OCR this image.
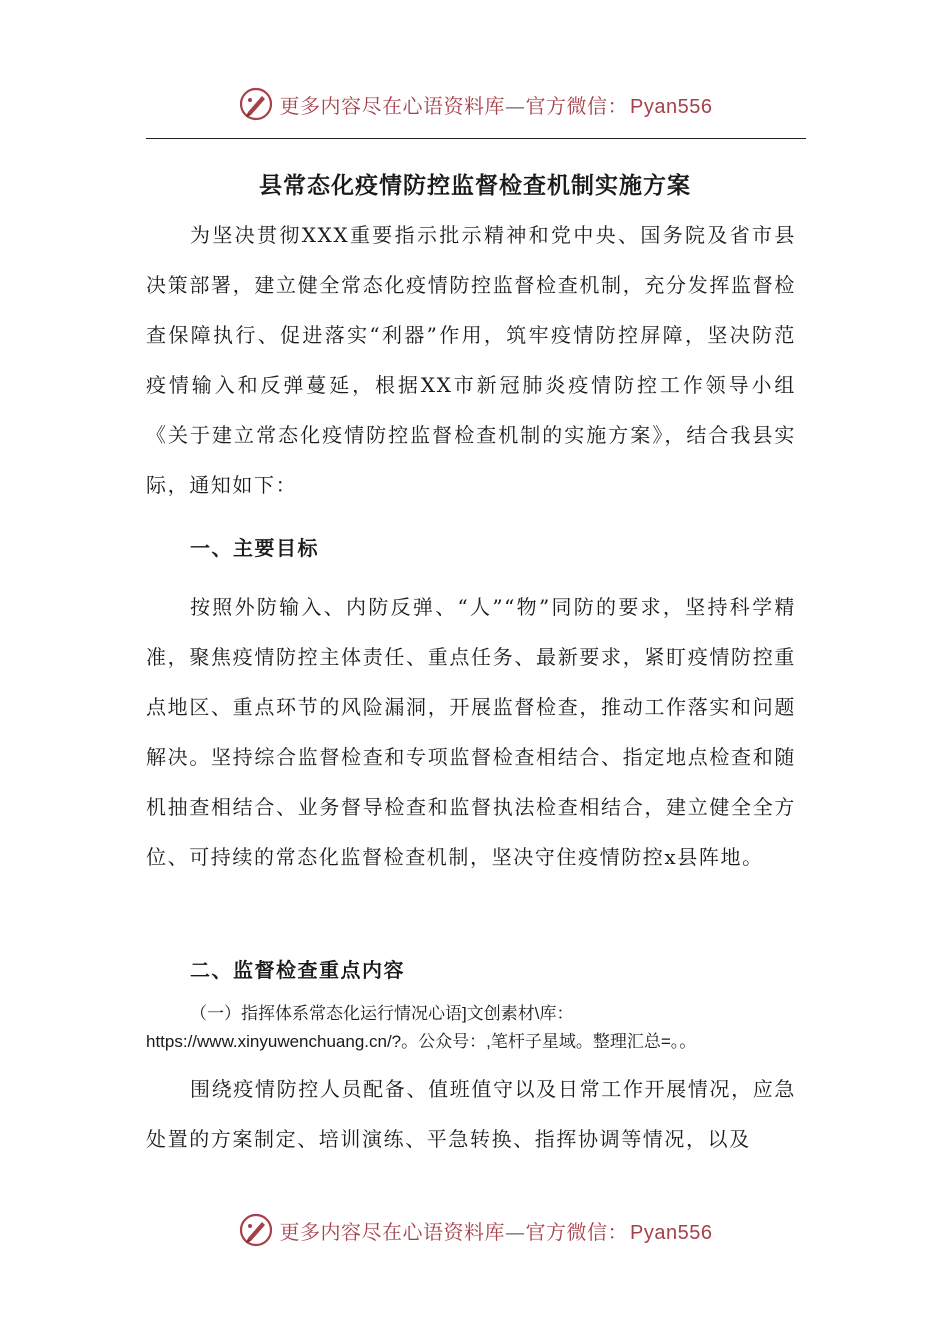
更多内容尽在心语资料库—官方微信： Pyan556
县常态化疫情防控监督检查机制实施方案

为坚决贯彻XXX重要指示批示精神和党中央、国务院及省市县决策部署，建立健全常态化疫情防控监督检查机制，充分发挥监督检查保障执行、促进落实“利器”作用，筑牢疫情防控屏障，坚决防范疫情输入和反弹蔓延，根据XX市新冠肺炎疫情防控工作领导小组《关于建立常态化疫情防控监督检查机制的实施方案》，结合我县实际，通知如下：

一、主要目标

按照外防输入、内防反弹、“人”“物”同防的要求，坚持科学精准，聚焦疫情防控主体责任、重点任务、最新要求，紧盯疫情防控重点地区、重点环节的风险漏洞，开展监督检查，推动工作落实和问题解决。坚持综合监督检查和专项监督检查相结合、指定地点检查和随机抽查相结合、业务督导检查和监督执法检查相结合，建立健全全方位、可持续的常态化监督检查机制，坚决守住疫情防控x县阵地。

二、监督检查重点内容

（一）指挥体系常态化运行情况心语]文创素材\库：https://www.xinyuwenchuang.cn/?。公众号：,笔杆子星域。整理汇总=。。

围绕疫情防控人员配备、值班值守以及日常工作开展情况，应急处置的方案制定、培训演练、平急转换、指挥协调等情况，以及

更多内容尽在心语资料库—官方微信： Pyan556
